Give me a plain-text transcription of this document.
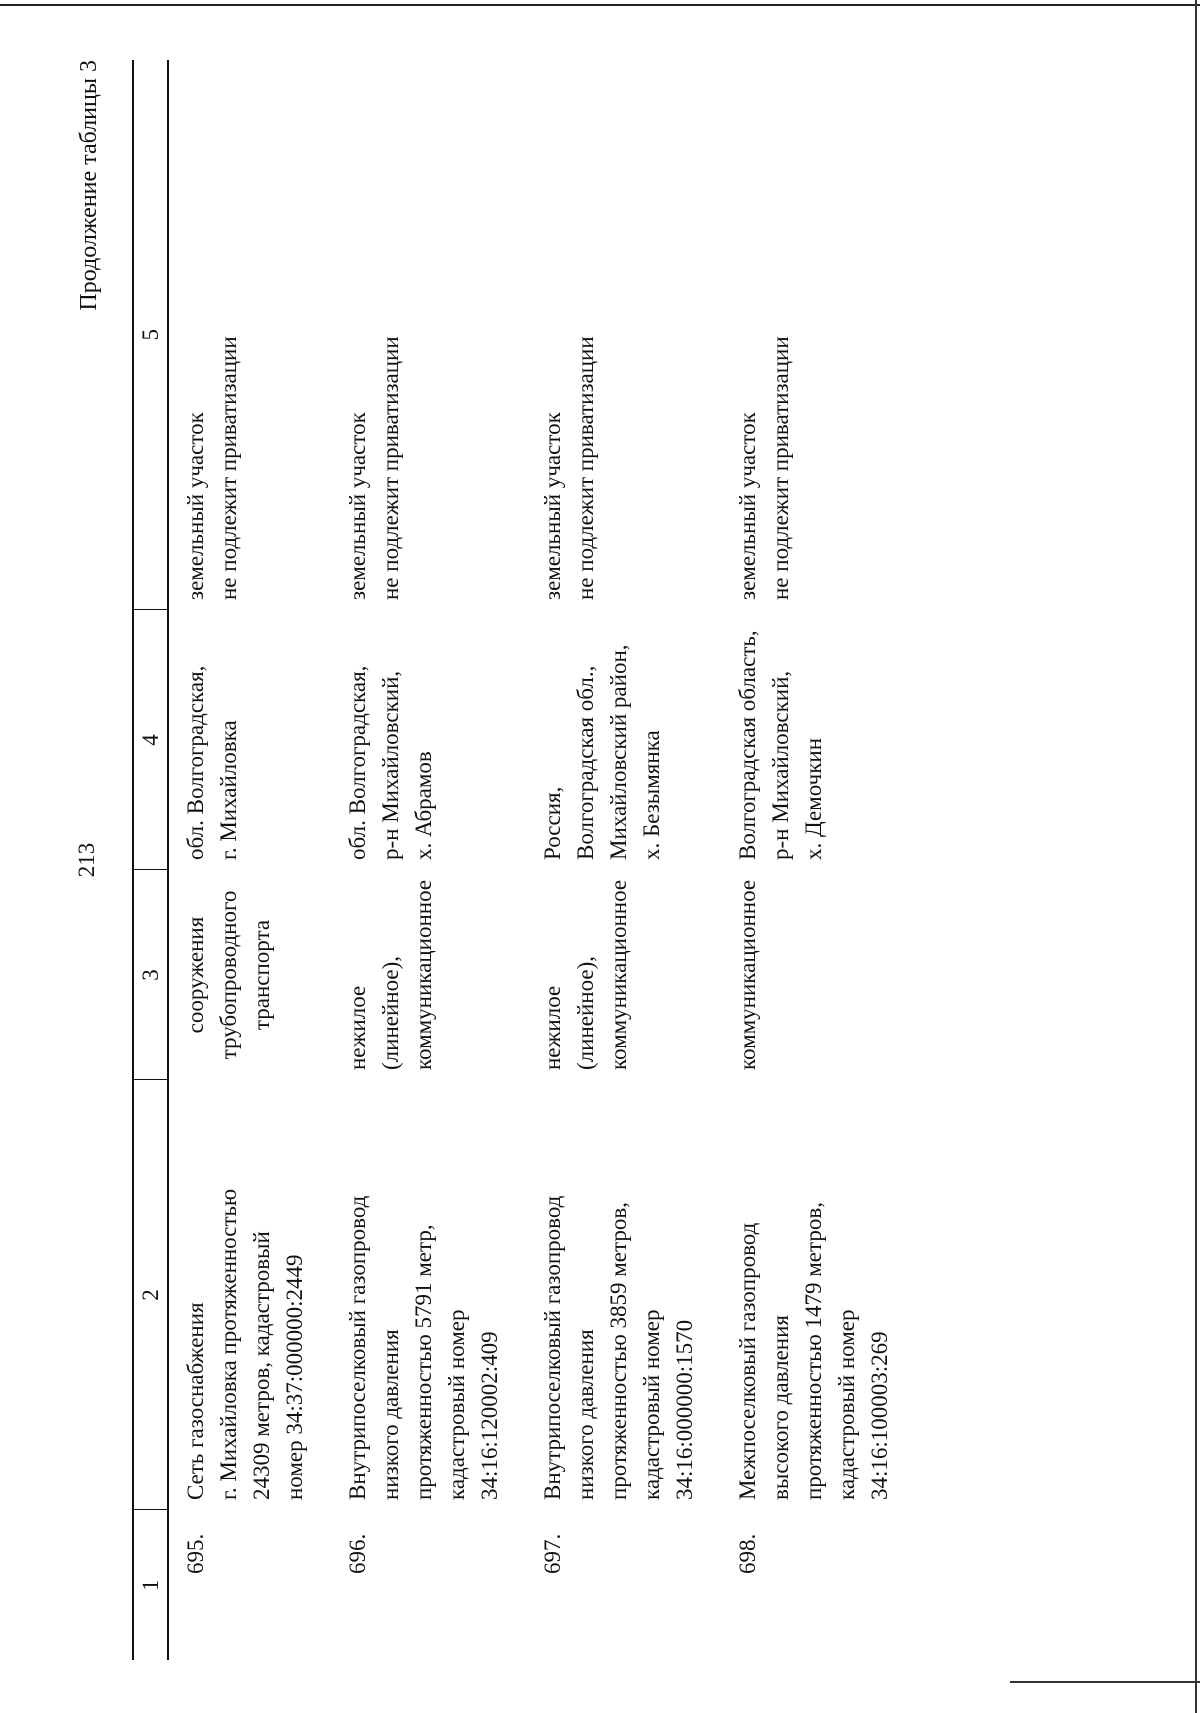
213
Продолжение таблицы 3
1	2	3	4	5
695.	Сеть газоснабжения
г. Михайловка протяженностью
24309 метров, кадастровый
номер 34:37:000000:2449	сооружения
трубопроводного
транспорта	обл. Волгоградская,
г. Михайловка	земельный участок
не подлежит приватизации
696.	Внутрипоселковый газопровод
низкого давления
протяженностью 5791 метр,
кадастровый номер
34:16:120002:409	нежилое (линейное),
коммуникационное	обл. Волгоградская,
р-н Михайловский,
х. Абрамов	земельный участок
не подлежит приватизации
697.	Внутрипоселковый газопровод
низкого давления
протяженностью 3859 метров,
кадастровый номер
34:16:000000:1570	нежилое (линейное),
коммуникационное	Россия,
Волгоградская обл.,
Михайловский район,
х. Безымянка	земельный участок
не подлежит приватизации
698.	Межпоселковый газопровод
высокого давления
протяженностью 1479 метров,
кадастровый номер
34:16:100003:269	коммуникационное	Волгоградская область,
р-н Михайловский,
х. Демочкин	земельный участок
не подлежит приватизации
